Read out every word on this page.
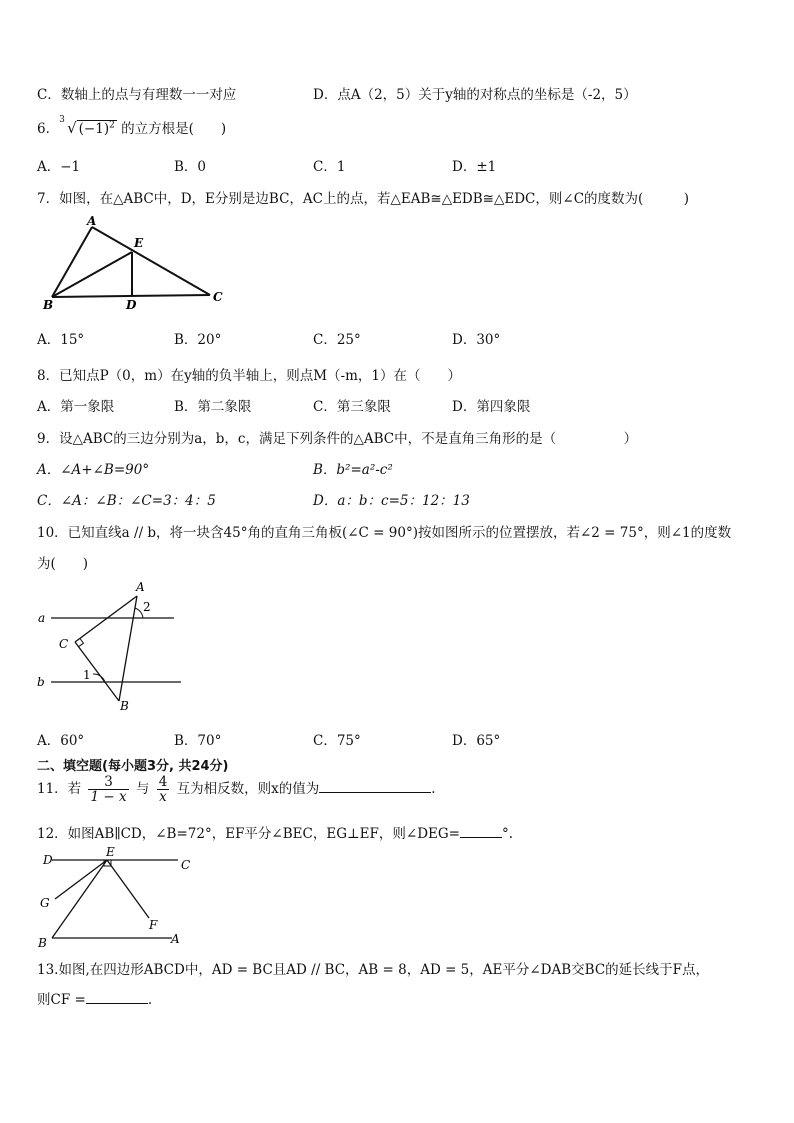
C．数轴上的点与有理数一一对应	D．点A（2，5）关于y轴的对称点的坐标是（-2，5）
6．
3 √ $(-1)^2$ 的立方根是(　　)
A．−1	B．0	C．1	D．±1
7．如图，在△ABC中，D，E分别是边BC，AC上的点，若△EAB≅△EDB≅△EDC，则∠C的度数为(　　　)
A
E
B	D
C
A．15°	B．20°	C．25°	D．30°
8．已知点P（0，m）在y轴的负半轴上，则点M（-m，1）在（　　）
A．第一象限	B．第二象限	C．第三象限	D．第四象限
9．设△ABC的三边分别为a，b，c，满足下列条件的△ABC中，不是直角三角形的是（　　　　　）
A．∠A+∠B=90°	B．b²=a²-c²
C．∠A：∠B：∠C=3：4：5	D．a：b：c=5：12：13
10．已知直线a // b，将一块含45°角的直角三角板(∠C = 90°)按如图所示的位置摆放，若∠2 = 75°，则∠1的度数
为(　　)
A
2
a
C
1
b
B
A．60°	B．70°	C．75°	D．65°
二、填空题(每小题3分, 共24分)
11．若 $\frac{3}{1 - x}$ 与 $\frac{4}{x}$ 互为相反数，则x的值为	.
12．如图AB∥CD，∠B=72°，EF平分∠BEC，EG⊥EF，则∠DEG=	°.
D
E
C
G
F
B	A
13.如图,在四边形ABCD中，AD = BC且AD // BC，AB = 8，AD = 5，AE平分∠DAB交BC的延长线于F点，
则CF =	.
